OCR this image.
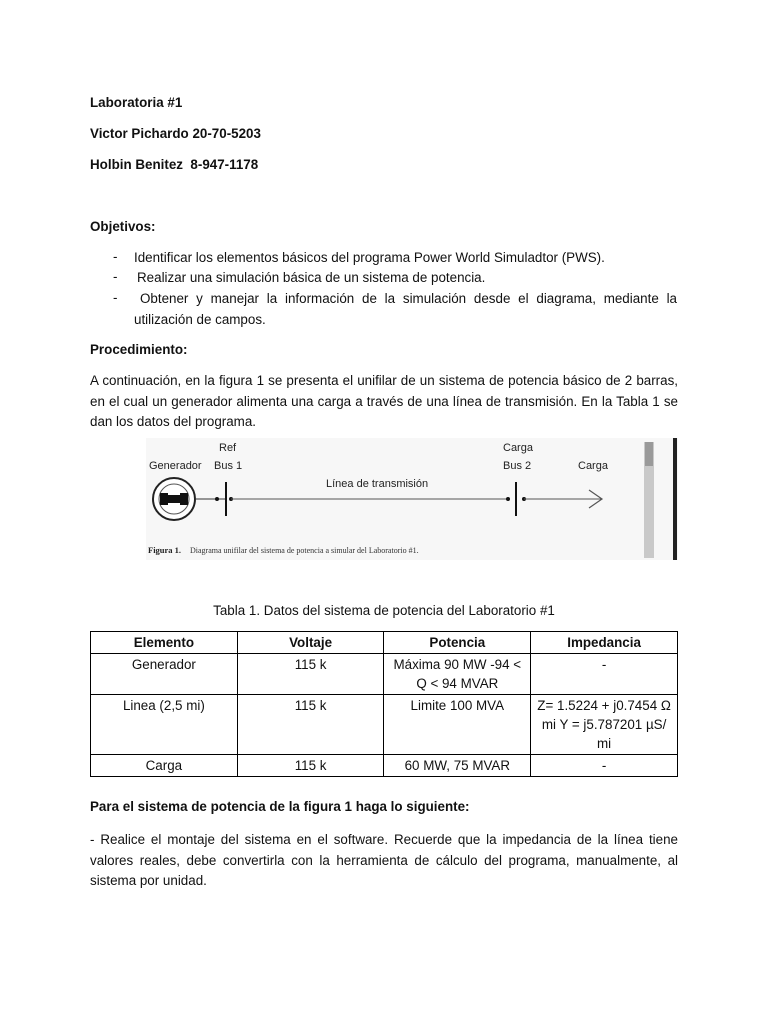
Laboratoria #1
Victor Pichardo 20-70-5203
Holbin Benitez  8-947-1178
Objetivos:
- Identificar los elementos básicos del programa Power World Simuladtor (PWS).
- Realizar una simulación básica de un sistema de potencia.
-	Obtener y manejar la información de la simulación desde el diagrama, mediante la utilización de campos.
Procedimiento:
A continuación, en la figura 1 se presenta el unifilar de un sistema de potencia básico de 2 barras, en el cual un generador alimenta una carga a través de una línea de transmisión. En la Tabla 1 se dan los datos del programa.
Generador
Ref
Bus 1
Línea de transmisión
Carga
Bus 2	Carga
Figura 1. Diagrama unifilar del sistema de potencia a simular del Laboratorio #1.
Tabla 1. Datos del sistema de potencia del Laboratorio #1
Elemento	Voltaje	Potencia	Impedancia
Generador	115 k	Máxima 90 MW -94 < Q < 94 MVAR	-
Linea (2,5 mi)	115 k	Limite 100 MVA	Z= 1.5224 + j0.7454 Ω mi Y = j5.787201 µS/ mi
Carga	115 k	60 MW, 75 MVAR	-
Para el sistema de potencia de la figura 1 haga lo siguiente:
- Realice el montaje del sistema en el software. Recuerde que la impedancia de la línea tiene valores reales, debe convertirla con la herramienta de cálculo del programa, manualmente, al sistema por unidad.
